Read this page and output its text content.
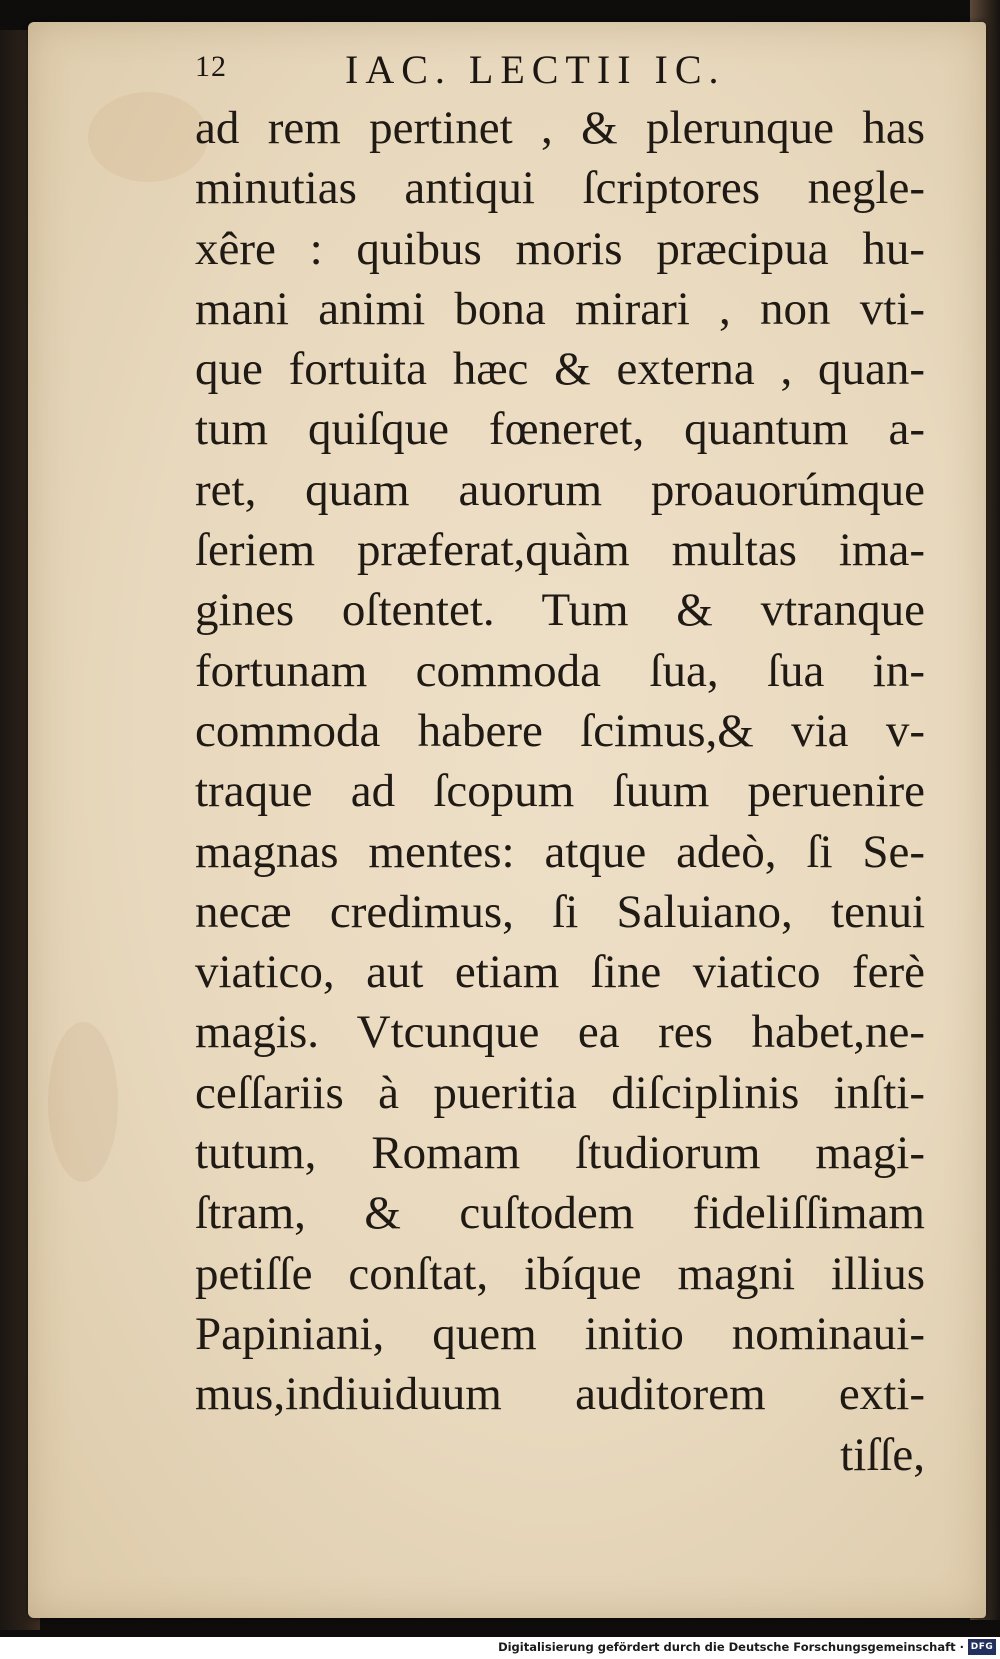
12	IAC. LECTII IC.
ad rem pertinet , & plerunque has
minutias antiqui ſcriptores negle-
xêre : quibus moris præcipua hu-
mani animi bona mirari , non vti-
que fortuita hæc & externa , quan-
tum quiſque fœneret, quantum a-
ret, quam auorum proauorúmque
ſeriem præferat,quàm multas ima-
gines oſtentet. Tum & vtranque
fortunam commoda ſua, ſua in-
commoda habere ſcimus,& via v-
traque ad ſcopum ſuum peruenire
magnas mentes: atque adeò, ſi Se-
necæ credimus, ſi Saluiano, tenui
viatico, aut etiam ſine viatico ferè
magis. Vtcunque ea res habet,ne-
ceſſariis à pueritia diſciplinis inſti-
tutum, Romam ſtudiorum magi-
ſtram, & cuſtodem fideliſſimam
petiſſe conſtat, ibíque magni illius
Papiniani, quem initio nominaui-
mus,indiuiduum auditorem exti-
tiſſe,
Digitalisierung gefördert durch die Deutsche Forschungsgemeinschaft · DFG
